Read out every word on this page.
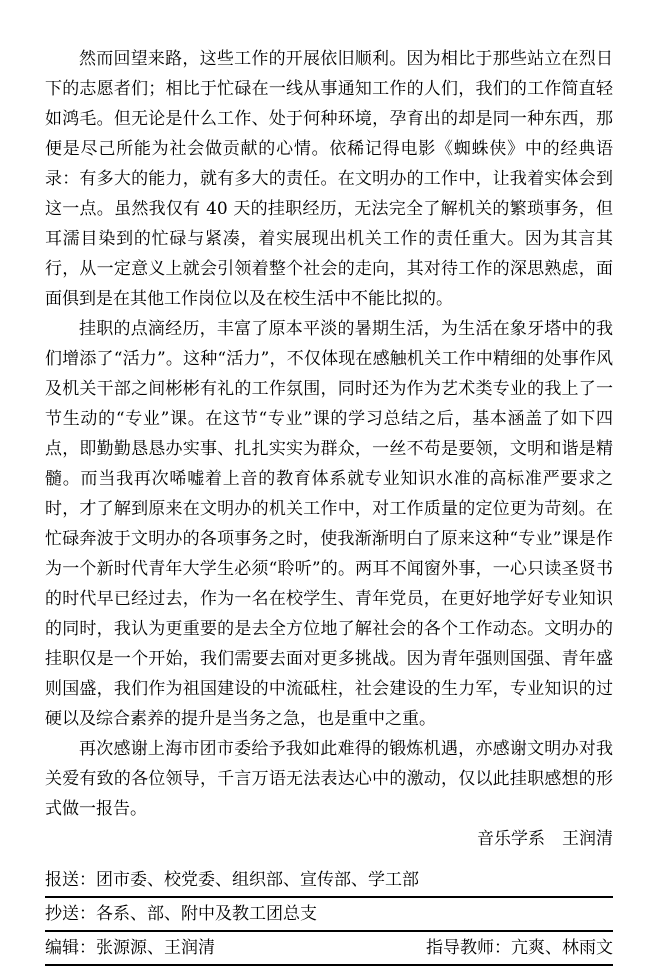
然而回望来路，这些工作的开展依旧顺利。因为相比于那些站立在烈日下的志愿者们；相比于忙碌在一线从事通知工作的人们，我们的工作简直轻如鸿毛。但无论是什么工作、处于何种环境，孕育出的却是同一种东西，那便是尽己所能为社会做贡献的心情。依稀记得电影《蜘蛛侠》中的经典语录：有多大的能力，就有多大的责任。在文明办的工作中，让我着实体会到这一点。虽然我仅有 40 天的挂职经历，无法完全了解机关的繁琐事务，但耳濡目染到的忙碌与紧凑，着实展现出机关工作的责任重大。因为其言其行，从一定意义上就会引领着整个社会的走向，其对待工作的深思熟虑，面面俱到是在其他工作岗位以及在校生活中不能比拟的。

挂职的点滴经历，丰富了原本平淡的暑期生活，为生活在象牙塔中的我们增添了“活力”。这种“活力”，不仅体现在感触机关工作中精细的处事作风及机关干部之间彬彬有礼的工作氛围，同时还为作为艺术类专业的我上了一节生动的“专业”课。在这节“专业”课的学习总结之后，基本涵盖了如下四点，即勤勤恳恳办实事、扎扎实实为群众，一丝不苟是要领，文明和谐是精髓。而当我再次唏嘘着上音的教育体系就专业知识水准的高标准严要求之时，才了解到原来在文明办的机关工作中，对工作质量的定位更为苛刻。在忙碌奔波于文明办的各项事务之时，使我渐渐明白了原来这种“专业”课是作为一个新时代青年大学生必须“聆听”的。两耳不闻窗外事，一心只读圣贤书的时代早已经过去，作为一名在校学生、青年党员，在更好地学好专业知识的同时，我认为更重要的是去全方位地了解社会的各个工作动态。文明办的挂职仅是一个开始，我们需要去面对更多挑战。因为青年强则国强、青年盛则国盛，我们作为祖国建设的中流砥柱，社会建设的生力军，专业知识的过硬以及综合素养的提升是当务之急，也是重中之重。

再次感谢上海市团市委给予我如此难得的锻炼机遇，亦感谢文明办对我关爱有致的各位领导，千言万语无法表达心中的激动，仅以此挂职感想的形式做一报告。

音乐学系　王润清

报送：团市委、校党委、组织部、宣传部、学工部
抄送：各系、部、附中及教工团总支
编辑：张源源、王润清	指导教师：亢爽、林雨文
